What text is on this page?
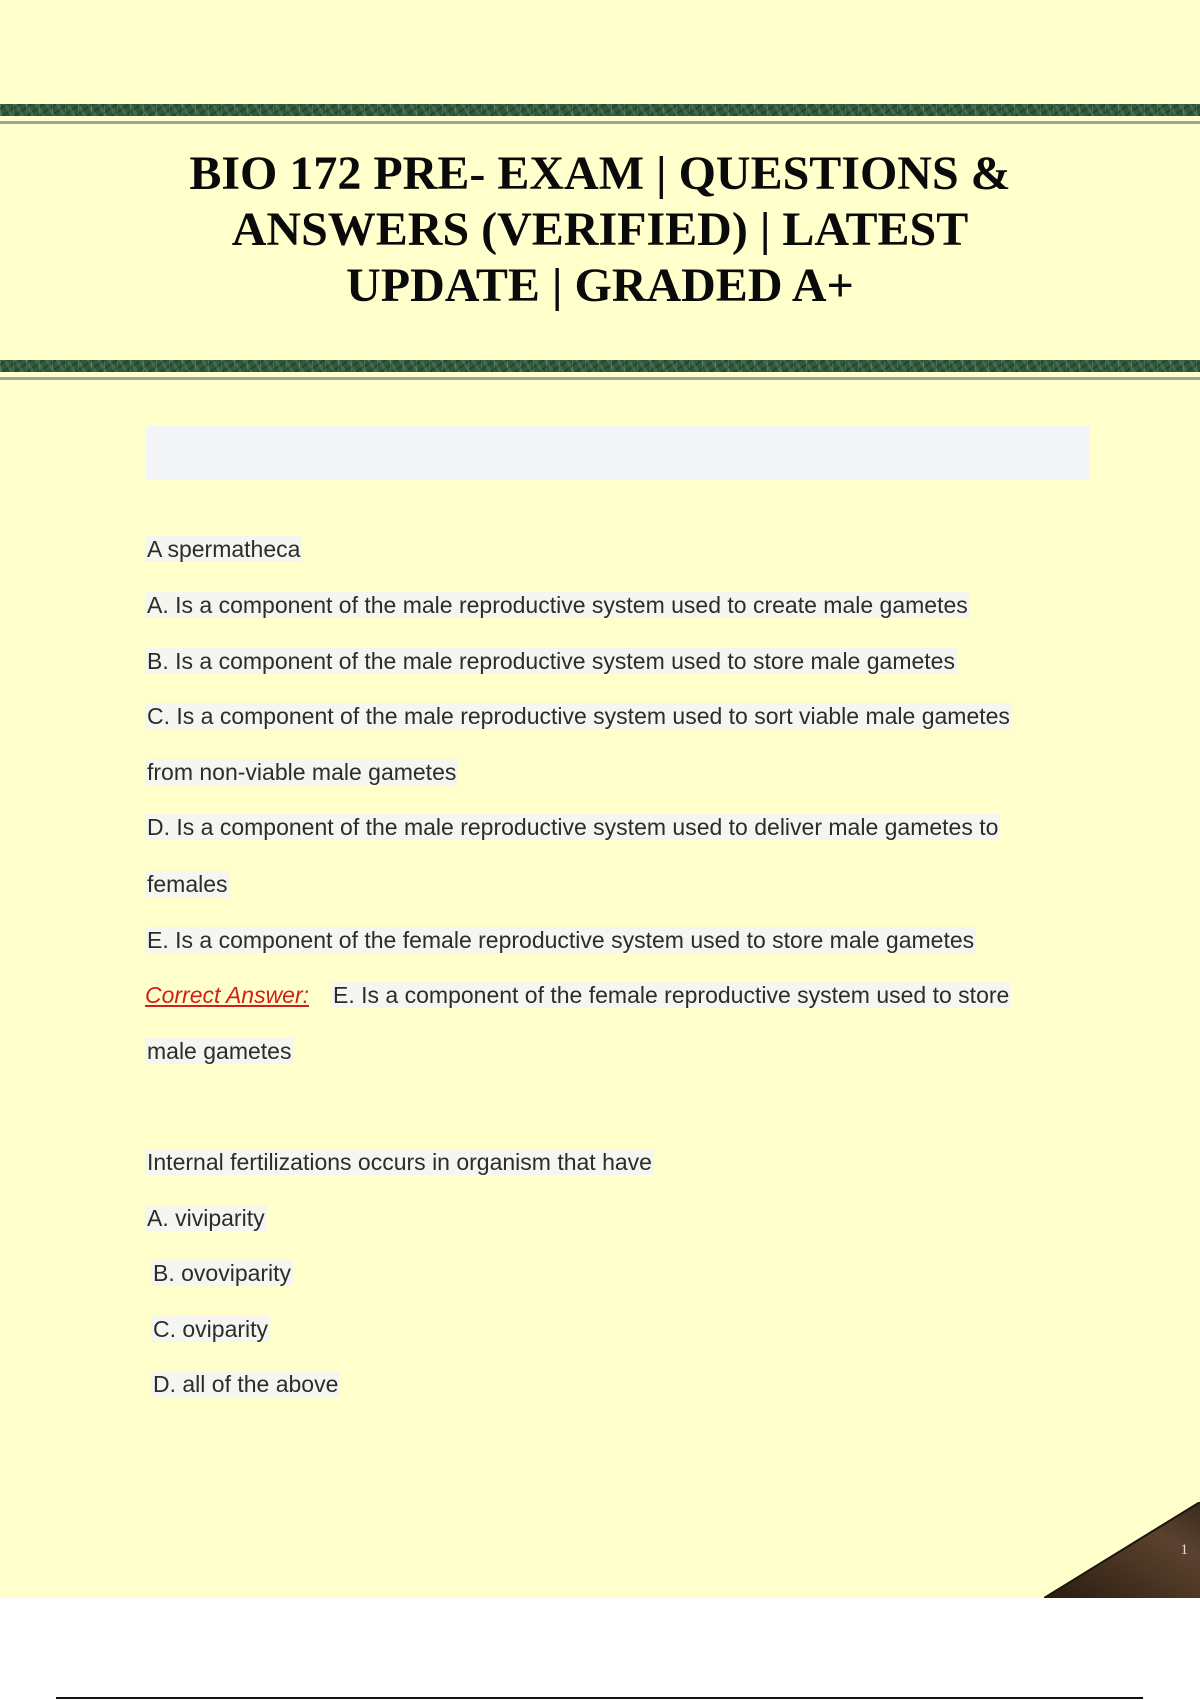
BIO 172 PRE- EXAM | QUESTIONS &
ANSWERS (VERIFIED) | LATEST
UPDATE | GRADED A+
A spermatheca
A. Is a component of the male reproductive system used to create male gametes
B. Is a component of the male reproductive system used to store male gametes
C. Is a component of the male reproductive system used to sort viable male gametes
from non-viable male gametes
D. Is a component of the male reproductive system used to deliver male gametes to
females
E. Is a component of the female reproductive system used to store male gametes
Correct Answer: E. Is a component of the female reproductive system used to store
male gametes
Internal fertilizations occurs in organism that have
A. viviparity
B. ovoviparity
C. oviparity
D. all of the above
1
